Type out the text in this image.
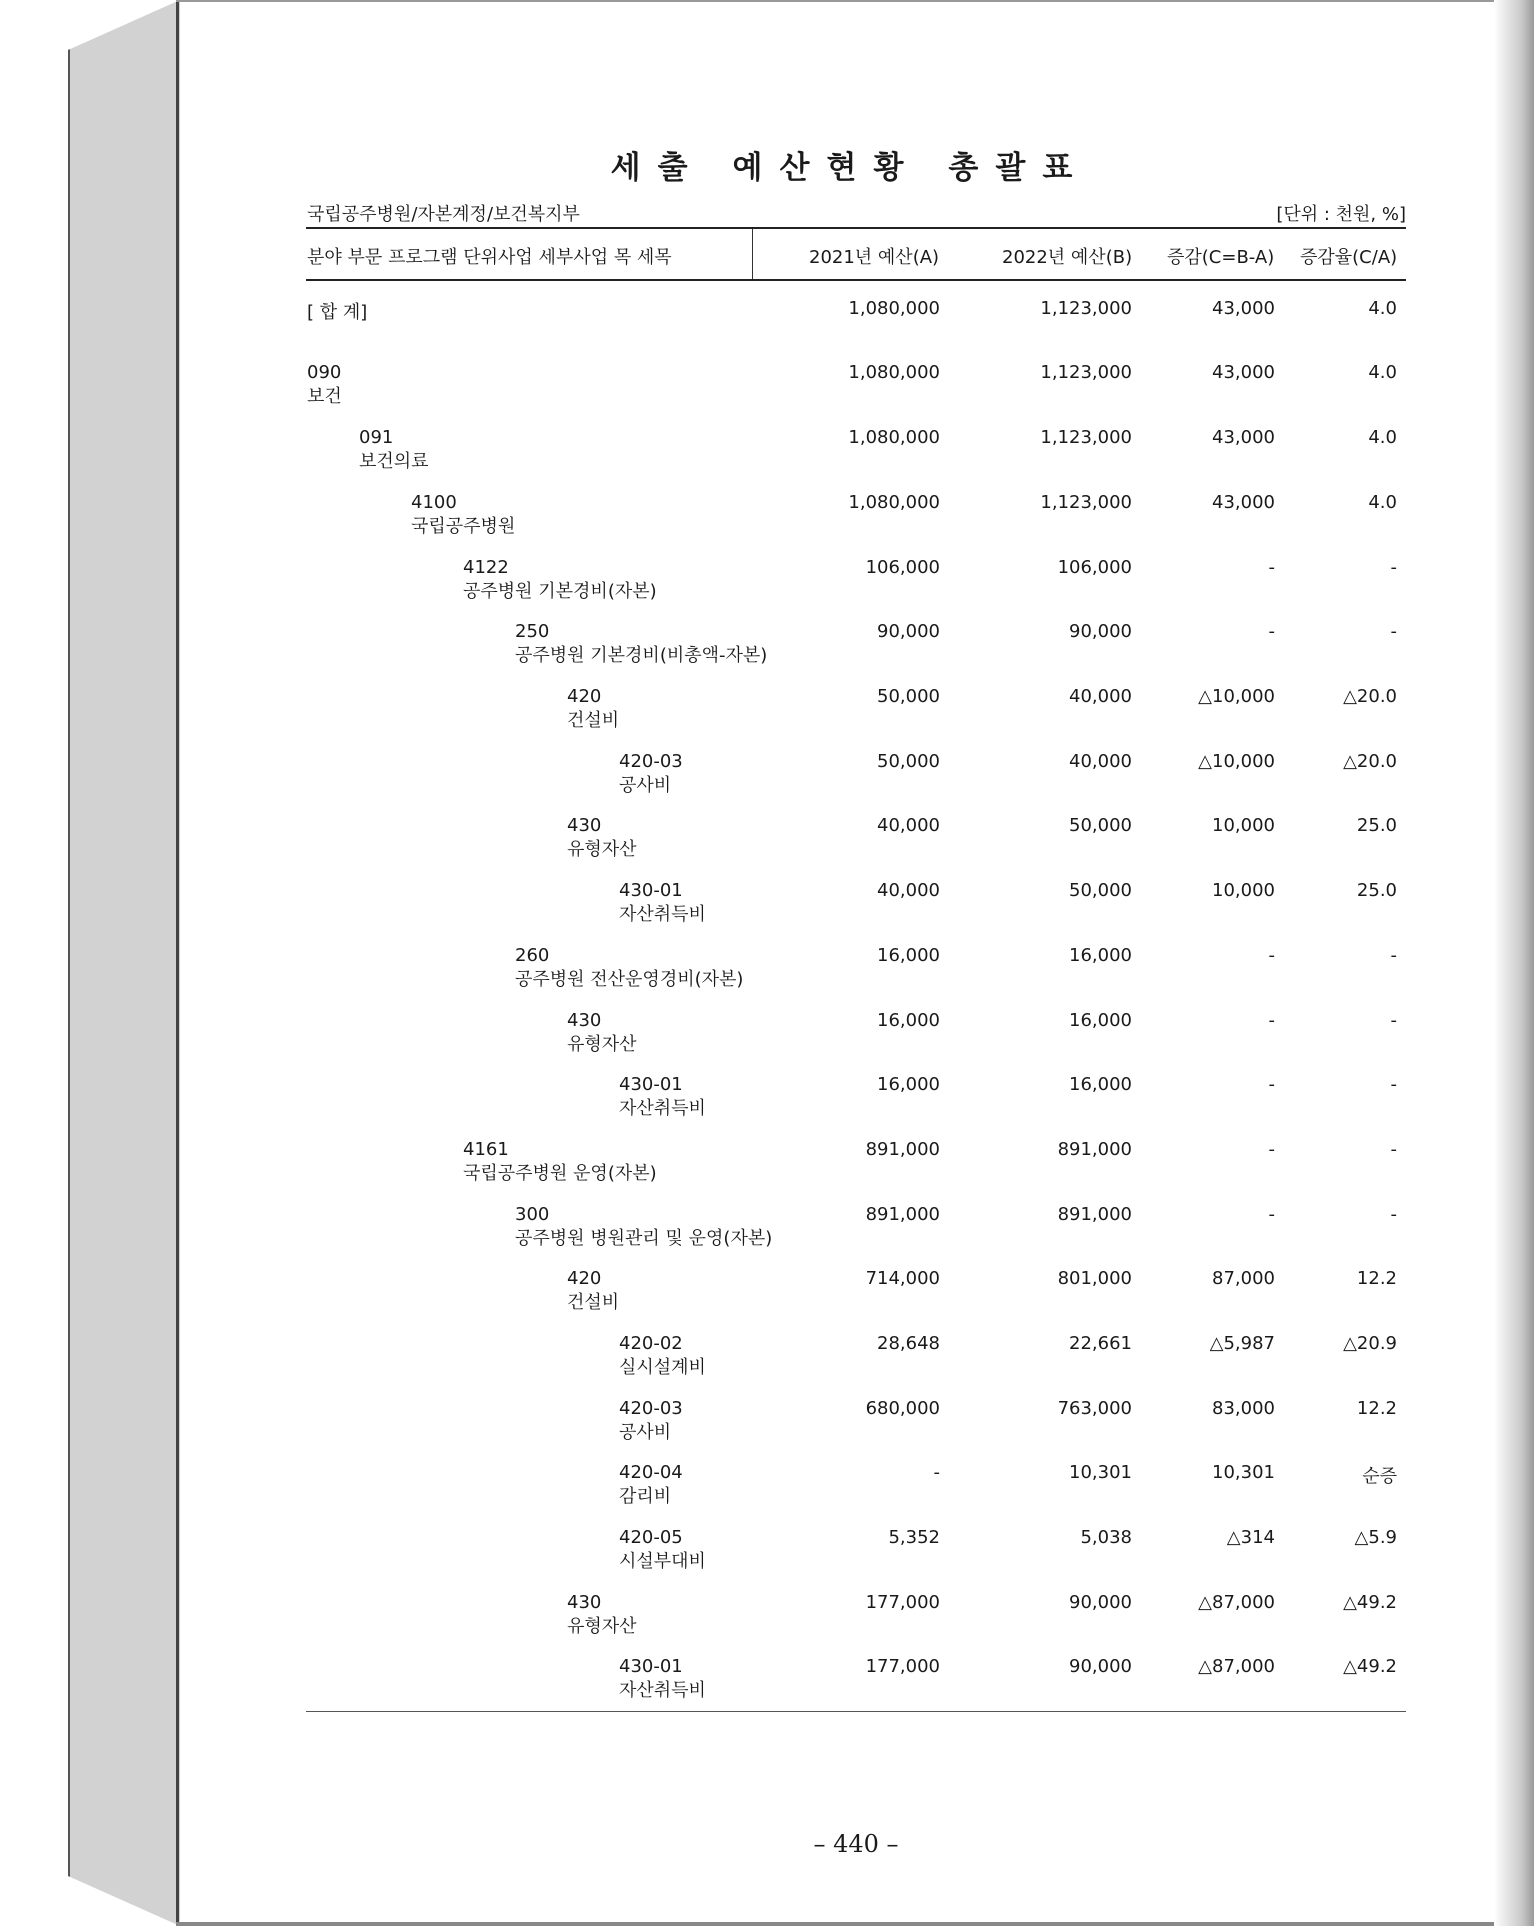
세출 예산현황 총괄표
국립공주병원/자본계정/보건복지부	[단위 : 천원, %]
분야 부문 프로그램 단위사업 세부사업 목 세목	2021년 예산(A)	2022년 예산(B) 증감(C=B-A) 증감율(C/A)
[ 합 계]	1,080,000	1,123,000	43,000	4.0
090
보건
1,080,000	1,123,000	43,000	4.0
091
보건의료
1,080,000	1,123,000	43,000	4.0
4100
국립공주병원
1,080,000	1,123,000	43,000	4.0
4122
공주병원 기본경비(자본)
106,000	106,000	-	-
250
공주병원 기본경비(비총액-자본)
90,000	90,000	-	-
420
건설비
50,000	40,000	△10,000	△20.0
420-03
공사비
50,000	40,000	△10,000	△20.0
430
유형자산
40,000	50,000	10,000	25.0
430-01
자산취득비
40,000	50,000	10,000	25.0
260
공주병원 전산운영경비(자본)
16,000	16,000	-	-
430
유형자산
16,000	16,000	-	-
430-01
자산취득비
16,000	16,000	-	-
4161
국립공주병원 운영(자본)
891,000	891,000	-	-
300
공주병원 병원관리 및 운영(자본)
891,000	891,000	-	-
420
건설비
714,000	801,000	87,000	12.2
420-02
실시설계비
28,648	22,661	△5,987	△20.9
420-03
공사비
680,000	763,000	83,000	12.2
420-04
감리비
-	10,301	10,301	순증
420-05
시설부대비
5,352	5,038	△314	△5.9
430
유형자산
177,000	90,000	△87,000	△49.2
430-01
자산취득비
177,000	90,000	△87,000	△49.2
– 440 –
